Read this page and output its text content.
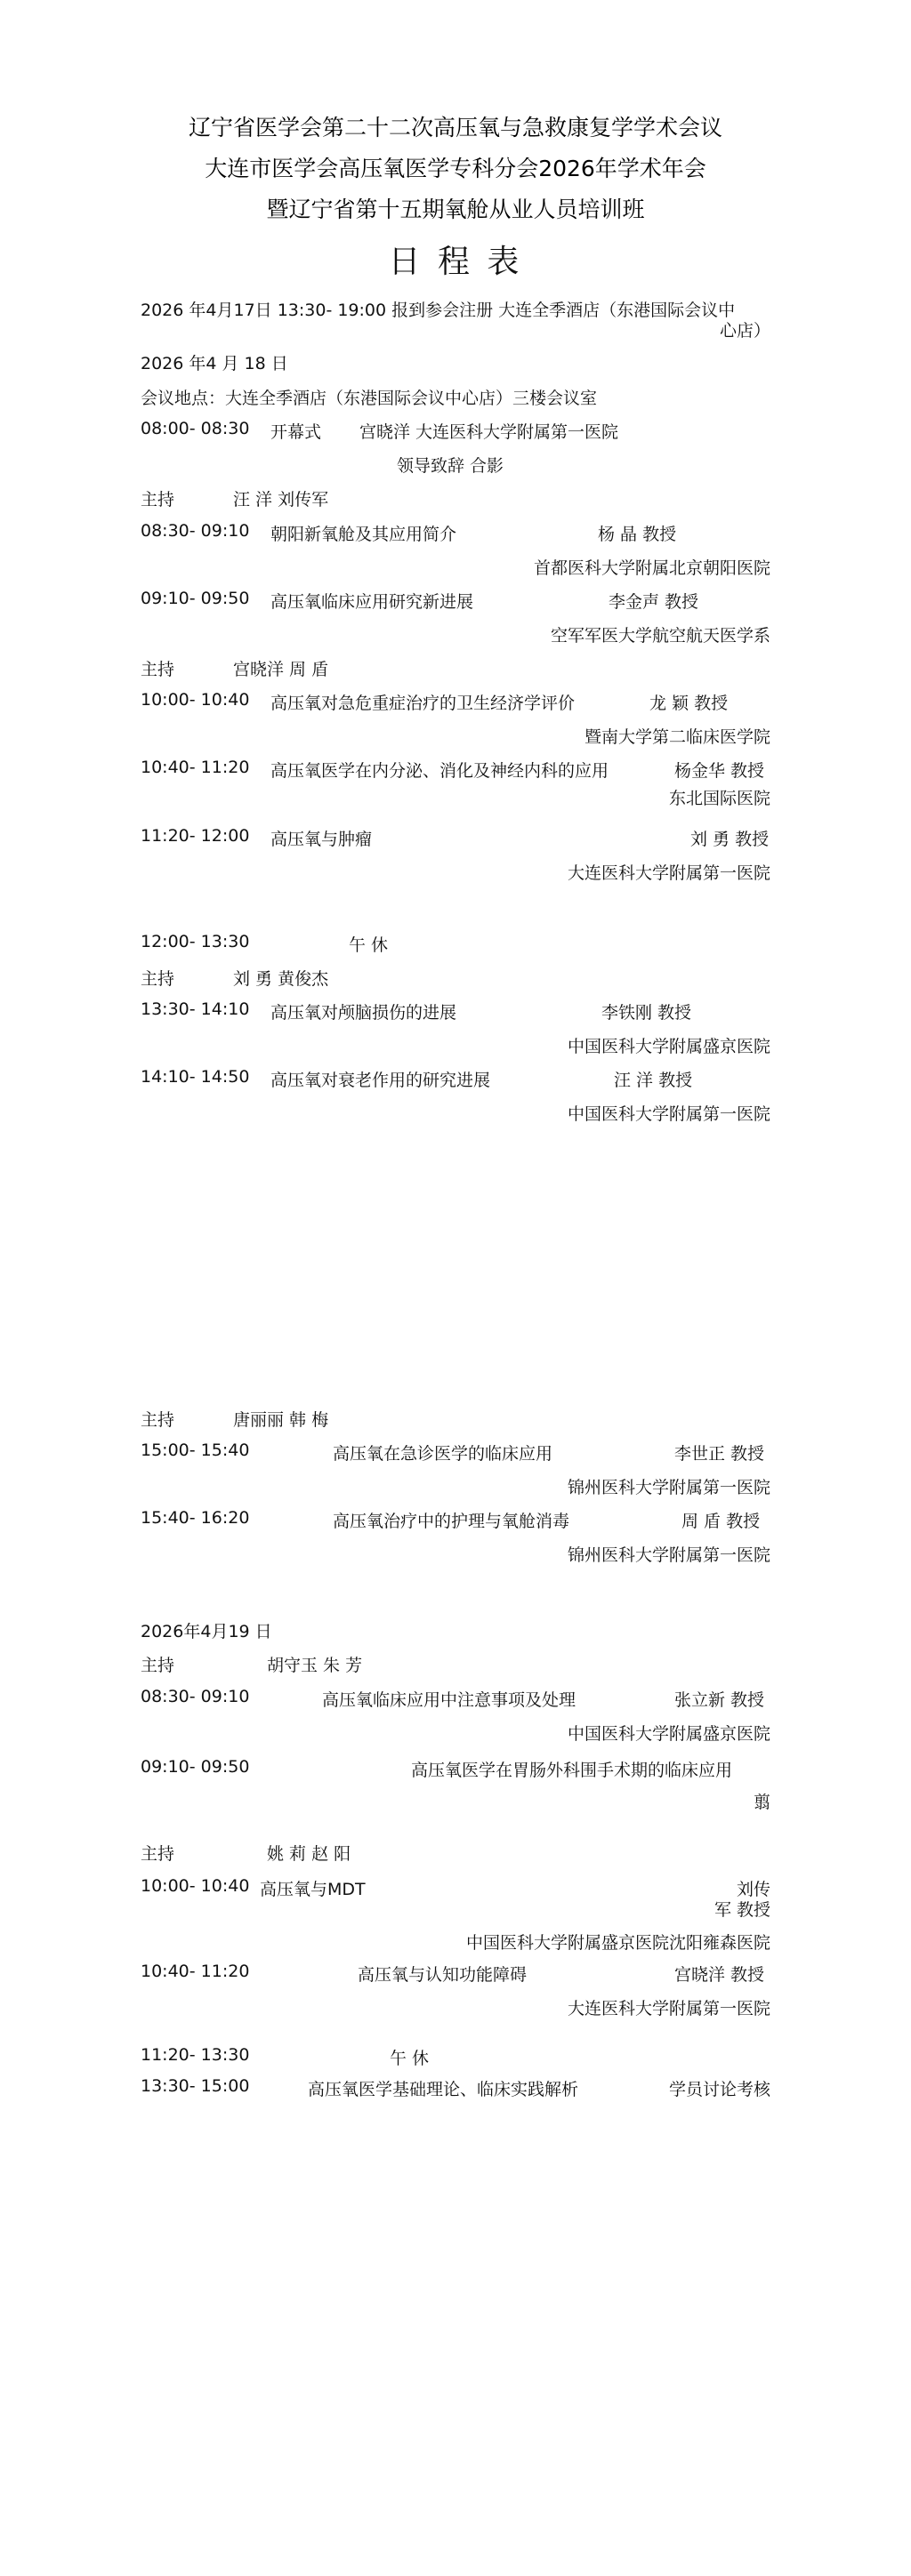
辽宁省医学会第二十二次高压氧与急救康复学学术会议
大连市医学会高压氧医学专科分会2026年学术年会
暨辽宁省第十五期氧舱从业人员培训班
日 程 表
2026 年4月17日 13:30- 19:00 报到参会注册 大连全季酒店（东港国际会议中
心店）
2026 年4 月 18 日
会议地点：大连全季酒店（东港国际会议中心店）三楼会议室
08:00- 08:30 开幕式 宫晓洋 大连医科大学附属第一医院
领导致辞 合影
主持	汪 洋 刘传军
08:30- 09:10 朝阳新氧舱及其应用简介	杨 晶 教授
首都医科大学附属北京朝阳医院
09:10- 09:50 高压氧临床应用研究新进展	李金声 教授
空军军医大学航空航天医学系
主持	宫晓洋 周 盾
10:00- 10:40 高压氧对急危重症治疗的卫生经济学评价	龙 颖 教授
暨南大学第二临床医学院
10:40- 11:20 高压氧医学在内分泌、消化及神经内科的应用	杨金华 教授
东北国际医院
11:20- 12:00 高压氧与肿瘤	刘 勇 教授
大连医科大学附属第一医院
12:00- 13:30	午 休
主持	刘 勇 黄俊杰
13:30- 14:10 高压氧对颅脑损伤的进展	李铁刚 教授
中国医科大学附属盛京医院
14:10- 14:50 高压氧对衰老作用的研究进展	汪 洋 教授
中国医科大学附属第一医院
主持	唐丽丽 韩 梅
15:00- 15:40	高压氧在急诊医学的临床应用	李世正 教授
锦州医科大学附属第一医院
15:40- 16:20	高压氧治疗中的护理与氧舱消毒	周 盾 教授
锦州医科大学附属第一医院
2026年4月19 日
主持	胡守玉 朱 芳
08:30- 09:10	高压氧临床应用中注意事项及处理	张立新 教授
中国医科大学附属盛京医院
09:10- 09:50	高压氧医学在胃肠外科围手术期的临床应用
翦
主持	姚 莉 赵 阳
10:00- 10:40 高压氧与MDT	刘传
军 教授
中国医科大学附属盛京医院沈阳雍森医院
10:40- 11:20	高压氧与认知功能障碍	宫晓洋 教授
大连医科大学附属第一医院
11:20- 13:30	午 休
13:30- 15:00	高压氧医学基础理论、临床实践解析	学员讨论考核
